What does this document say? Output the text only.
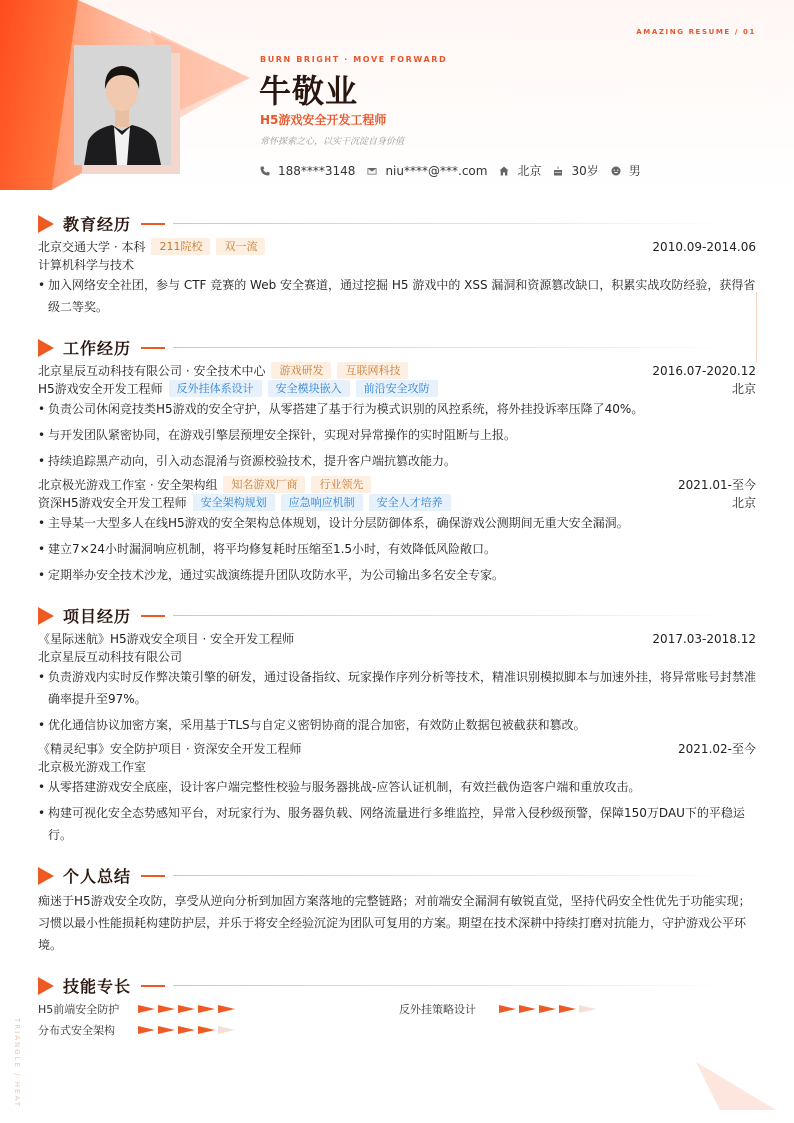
AMAZING RESUME / 01
BURN BRIGHT · MOVE FORWARD
牛敬业
H5游戏安全开发工程师
常怀探索之心，以实干沉淀自身价值
188****3148	niu****@***.com	北京	30岁	男
教育经历
北京交通大学 · 本科	211院校	双一流	2010.09-2014.06
计算机科学与技术
• 加入网络安全社团，参与 CTF 竞赛的 Web 安全赛道，通过挖掘 H5 游戏中的 XSS 漏洞和资源篡改缺口，积累实战攻防经验，获得省级二等奖。
工作经历
北京星辰互动科技有限公司 · 安全技术中心	游戏研发	互联网科技	2016.07-2020.12
H5游戏安全开发工程师	反外挂体系设计	安全模块嵌入	前沿安全攻防	北京
• 负责公司休闲竞技类H5游戏的安全守护，从零搭建了基于行为模式识别的风控系统，将外挂投诉率压降了40%。
• 与开发团队紧密协同，在游戏引擎层预埋安全探针，实现对异常操作的实时阻断与上报。
• 持续追踪黑产动向，引入动态混淆与资源校验技术，提升客户端抗篡改能力。
北京极光游戏工作室 · 安全架构组	知名游戏厂商	行业领先	2021.01-至今
资深H5游戏安全开发工程师	安全架构规划	应急响应机制	安全人才培养	北京
• 主导某一大型多人在线H5游戏的安全架构总体规划，设计分层防御体系，确保游戏公测期间无重大安全漏洞。
• 建立7×24小时漏洞响应机制，将平均修复耗时压缩至1.5小时，有效降低风险敞口。
• 定期举办安全技术沙龙，通过实战演练提升团队攻防水平，为公司输出多名安全专家。
项目经历
《星际迷航》H5游戏安全项目 · 安全开发工程师	2017.03-2018.12
北京星辰互动科技有限公司
• 负责游戏内实时反作弊决策引擎的研发，通过设备指纹、玩家操作序列分析等技术，精准识别模拟脚本与加速外挂，将异常账号封禁准确率提升至97%。
• 优化通信协议加密方案，采用基于TLS与自定义密钥协商的混合加密，有效防止数据包被截获和篡改。
《精灵纪事》安全防护项目 · 资深安全开发工程师	2021.02-至今
北京极光游戏工作室
• 从零搭建游戏安全底座，设计客户端完整性校验与服务器挑战-应答认证机制，有效拦截伪造客户端和重放攻击。
• 构建可视化安全态势感知平台，对玩家行为、服务器负载、网络流量进行多维监控，异常入侵秒级预警，保障150万DAU下的平稳运行。
个人总结
痴迷于H5游戏安全攻防，享受从逆向分析到加固方案落地的完整链路；对前端安全漏洞有敏锐直觉，坚持代码安全性优先于功能实现；习惯以最小性能损耗构建防护层，并乐于将安全经验沉淀为团队可复用的方案。期望在技术深耕中持续打磨对抗能力，守护游戏公平环境。
技能专长
H5前端安全防护	反外挂策略设计
分布式安全架构
TRIANGLE / HEAT
